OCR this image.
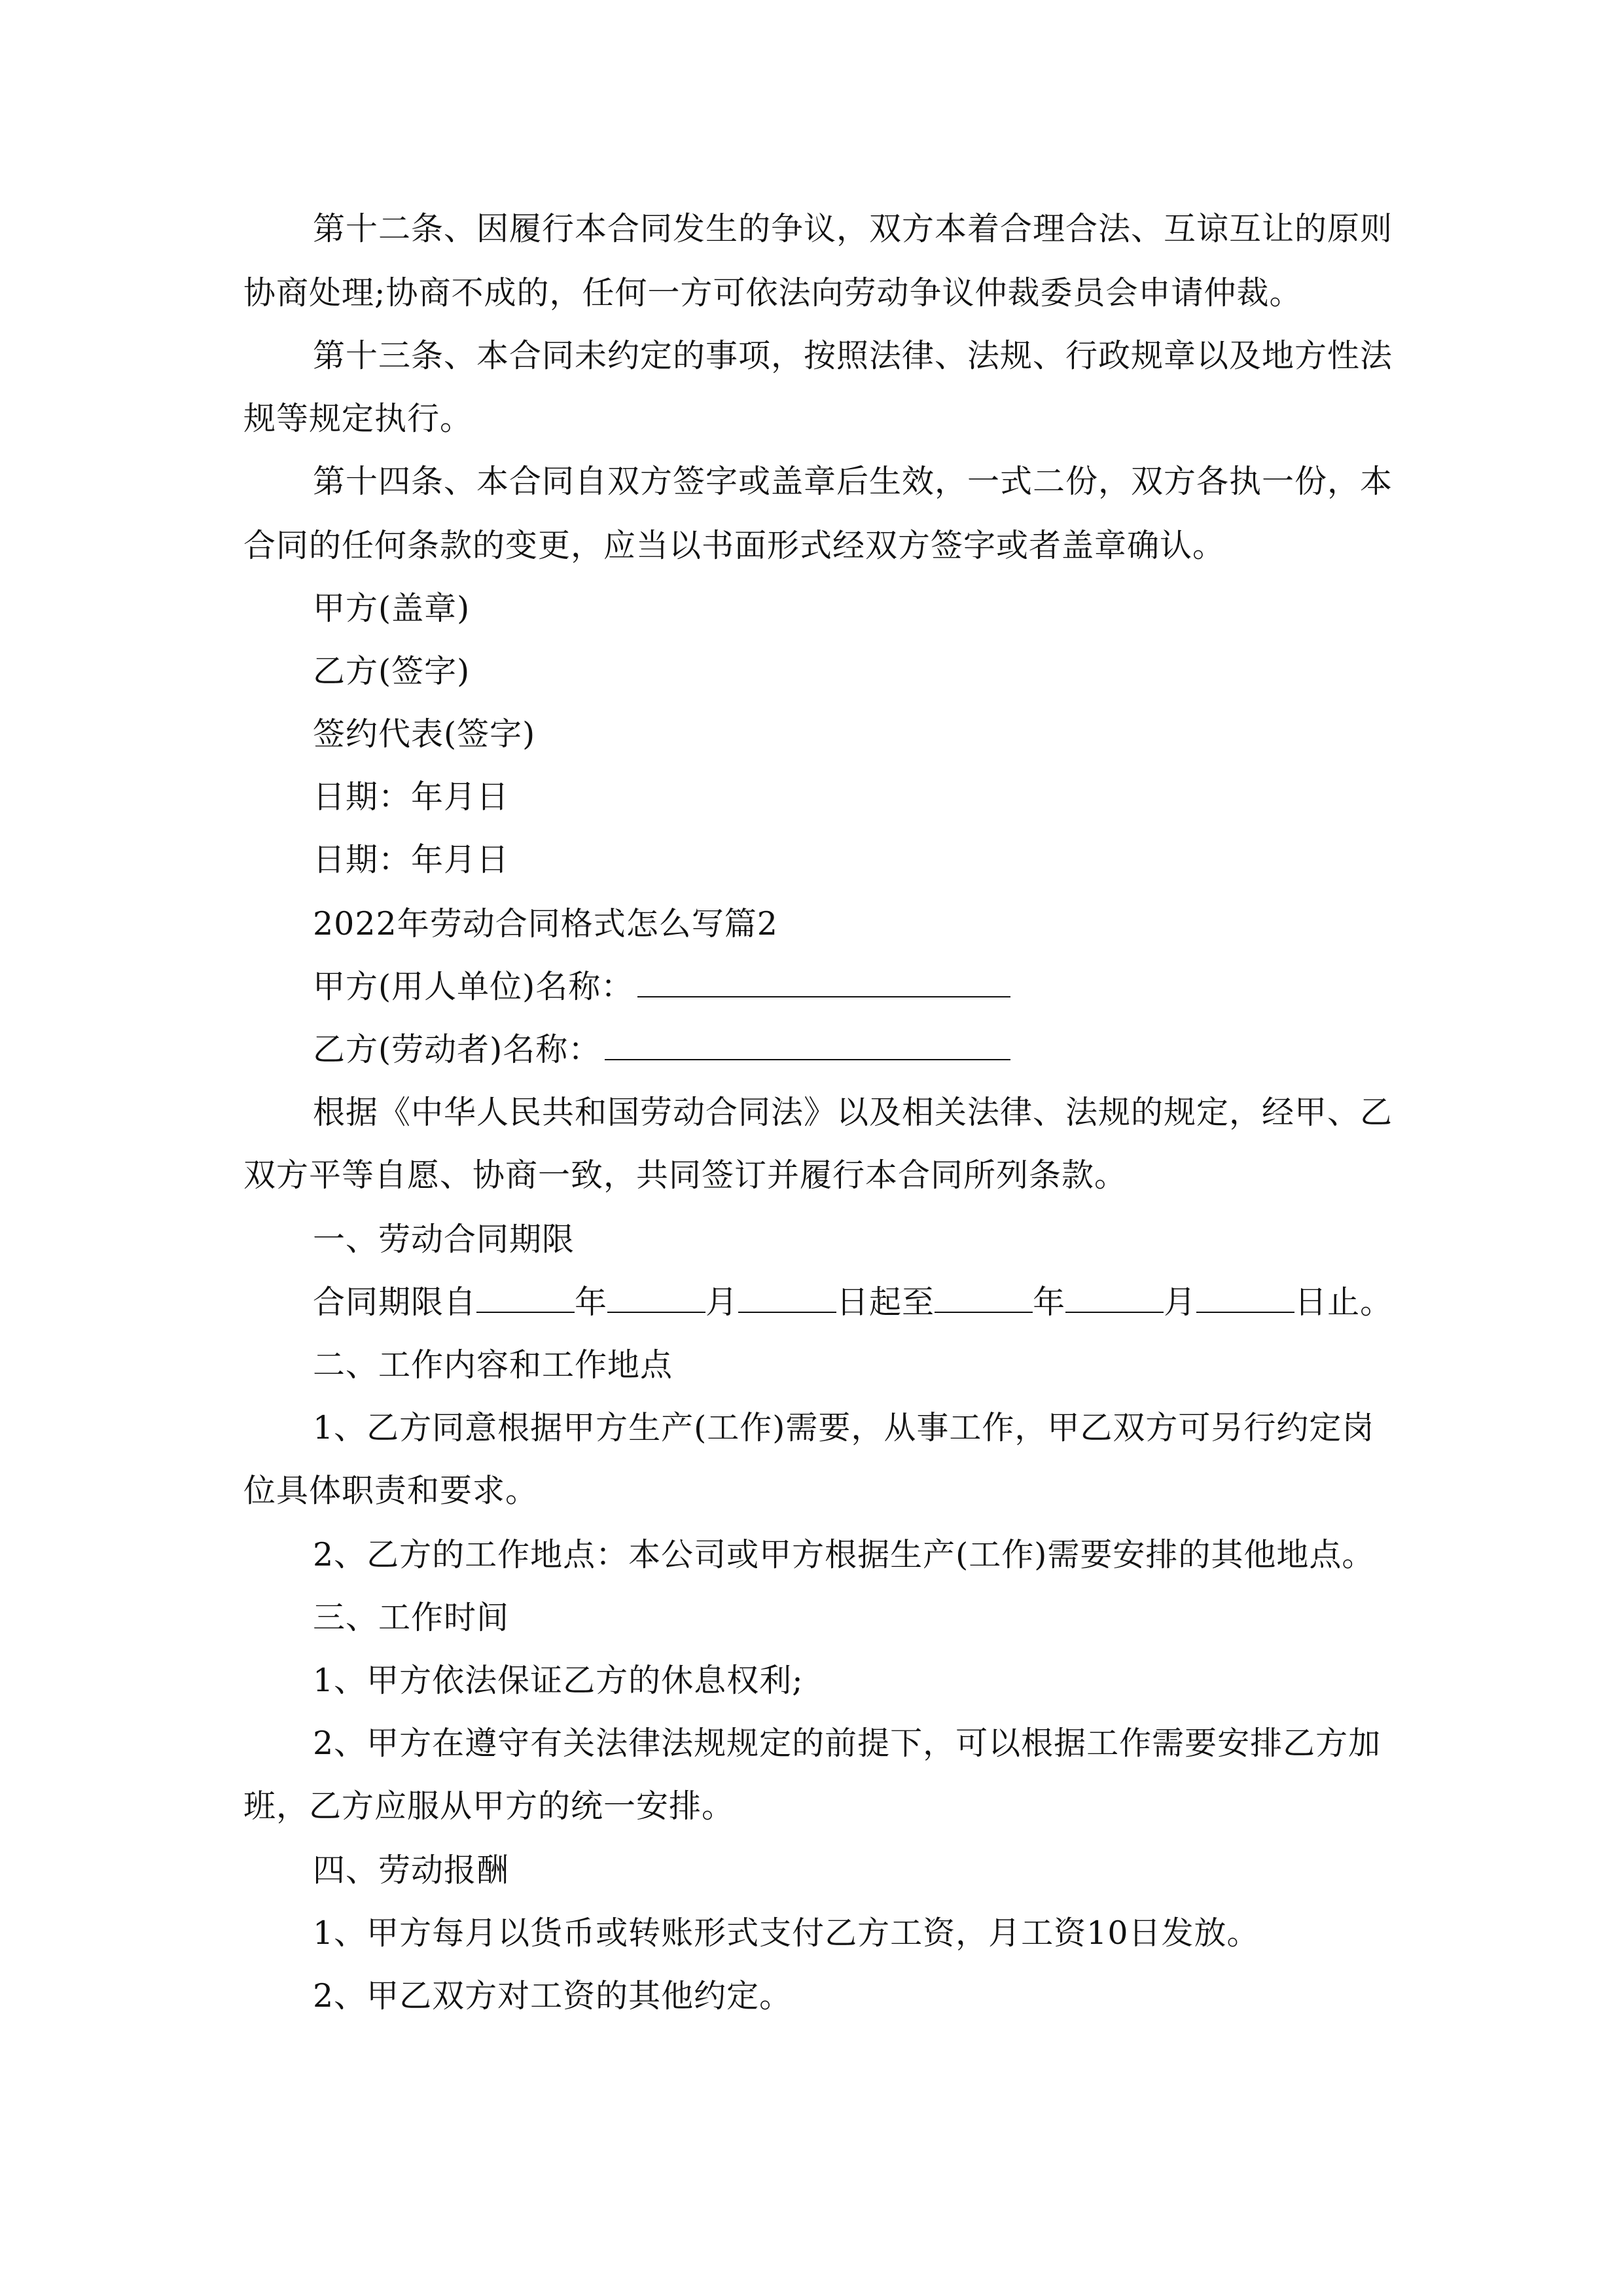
第十二条、因履行本合同发生的争议，双方本着合理合法、互谅互让的原则
协商处理;协商不成的，任何一方可依法向劳动争议仲裁委员会申请仲裁。
第十三条、本合同未约定的事项，按照法律、法规、行政规章以及地方性法
规等规定执行。
第十四条、本合同自双方签字或盖章后生效，一式二份，双方各执一份，本
合同的任何条款的变更，应当以书面形式经双方签字或者盖章确认。
甲方(盖章)
乙方(签字)
签约代表(签字)
日期：年月日
日期：年月日
2022年劳动合同格式怎么写篇2
甲方(用人单位)名称：
乙方(劳动者)名称：
根据《中华人民共和国劳动合同法》以及相关法律、法规的规定，经甲、乙
双方平等自愿、协商一致，共同签订并履行本合同所列条款。
一、劳动合同期限
合同期限自	年	月	日起至	年	月	日止。
二、工作内容和工作地点
1、乙方同意根据甲方生产(工作)需要，从事工作，甲乙双方可另行约定岗
位具体职责和要求。
2、乙方的工作地点：本公司或甲方根据生产(工作)需要安排的其他地点。
三、工作时间
1、甲方依法保证乙方的休息权利;
2、甲方在遵守有关法律法规规定的前提下，可以根据工作需要安排乙方加
班，乙方应服从甲方的统一安排。
四、劳动报酬
1、甲方每月以货币或转账形式支付乙方工资，月工资10日发放。
2、甲乙双方对工资的其他约定。
